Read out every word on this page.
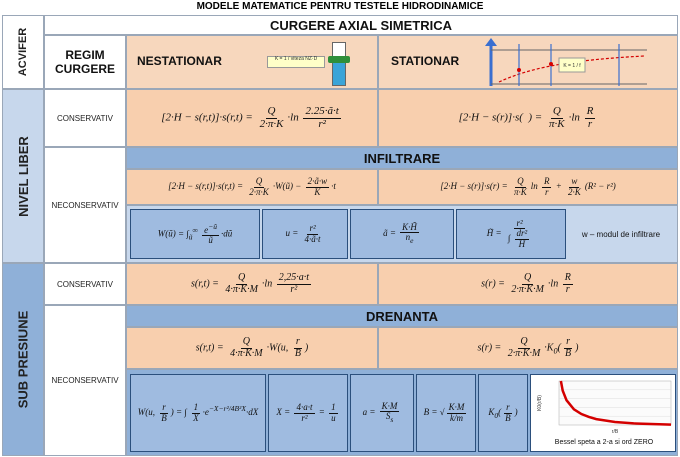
MODELE MATEMATICE PENTRU TESTELE HIDRODINAMICE
ACVIFER
CURGERE AXIAL SIMETRICA
REGIM CURGERE
NESTATIONAR	K = 1 / viteza NZ·D	STATIONAR	K = 1 / f
NIVEL LIBER
CONSERVATIV	$[2\cdot H - s(r,t)]\cdot s(r,t) = \frac{Q}{2\cdot\pi\cdot K} \cdot\ln \frac{2.25\cdot ã\cdot t}{\text{r²}}$	[2·H − s(r)]·s(  ) = $\frac{Q}{\pi\cdot K} \cdot\ln \frac{R}{r}$
NECONSERVATIV
INFILTRARE
$[2\cdot H - s(r,t)]\cdot s(r,t) = \frac{Q}{2\cdot\pi\cdot K}$ ·W(ũ) − $\frac{2\cdot ã\cdot w}{K} \cdot t$	$[2\cdot H - s(r)]\cdot s(r) = \frac{Q}{\pi\cdot K}$ $\ln \frac{R}{r} + \frac{w}{2\cdot K} (R^2 - r^2)$
W(ũ) = $\int_ũ^\infty \frac{e^{-ũ}}{ũ}$ ·dũ	$u = \frac{\text{r²}}{4\cdot ã\cdot t}$	ã = $\frac{K\cdot H̃}{n_e}$	H̃ = $\frac{\text{r²}}{\int \frac{\text{dr²}}{H}}$	w – modul de infiltrare
SUB PRESIUNE
CONSERVATIV	$s(r,t) = \frac{Q}{4\cdot\pi\cdot K\cdot M} \cdot\ln \frac{2,25\cdot a\cdot t}{\text{r²}}$	$s(r) = \frac{Q}{2\cdot\pi\cdot K\cdot M} \cdot\ln \frac{R}{r}$
NECONSERVATIV
DRENANTA
$s(r,t) = \frac{Q}{4\cdot\pi\cdot K\cdot M} \cdot W(u$, $\frac{r}{B}$ )	$s(r) = \frac{Q}{2\cdot\pi\cdot K\cdot M} \cdot K_0( \frac{r}{B}$ )
W(u, $\frac{r}{B}$ ) = ∫ $\frac{1}{X} \cdot e^{-X-r^2/4B^2X}\cdot dX$ $X = \frac{4\cdot a\cdot t}{\text{r²}} = \frac{1}{u}$	$a = \frac{K\cdot M}{S_s}$	B = √ $\frac{K\cdot M}{k/m} K_0( \frac{r}{B}$ )
r/B
K0(r/B)
Bessel speta a 2-a si ord ZERO
